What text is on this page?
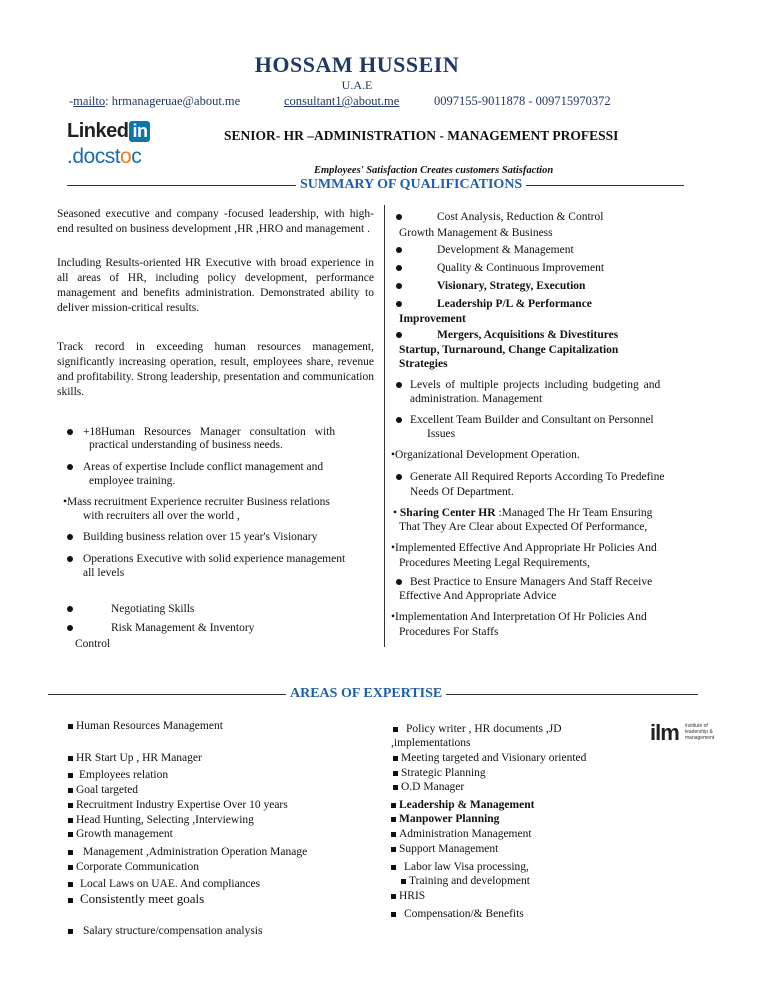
HOSSAM HUSSEIN
U.A.E
-mailto: hrmanageruae@about.me	consultant1@about.me	0097155-9011878 - 009715970372
Linked in
.docstoc
SENIOR- HR –ADMINISTRATION - MANAGEMENT PROFESSI
Employees' Satisfaction Creates customers Satisfaction
SUMMARY OF QUALIFICATIONS
Seasoned executive and company -focused leadership, with high-end resulted on business development ,HR ,HRO and management .
Including Results-oriented HR Executive with broad experience in all areas of HR, including policy development, performance management and benefits administration. Demonstrated ability to deliver mission-critical results.
Track record in exceeding human resources management, significantly increasing operation, result, employees share, revenue and profitability. Strong leadership, presentation and communication skills.
+18Human Resources Manager consultation with
practical understanding of business needs.
Areas of expertise Include conflict management and
employee training.
•Mass recruitment Experience recruiter Business relations
with recruiters all over the world ,
Building business relation over 15 year's Visionary
Operations Executive with solid experience management
all levels
Negotiating Skills
Risk Management & Inventory
Control
Cost Analysis, Reduction & Control
Growth Management & Business
Development & Management
Quality & Continuous Improvement
Visionary, Strategy, Execution
Leadership P/L & Performance
Improvement
Mergers, Acquisitions & Divestitures
Startup, Turnaround, Change Capitalization
Strategies
Levels of multiple projects including budgeting and
administration. Management
Excellent Team Builder and Consultant on Personnel
Issues
•Organizational Development Operation.
Generate All Required Reports According To Predefine
Needs Of Department.
• Sharing Center HR :Managed The Hr Team Ensuring
That They Are Clear about Expected Of Performance,
•Implemented Effective And Appropriate Hr Policies And
Procedures Meeting Legal Requirements,
Best Practice to Ensure Managers And Staff Receive
Effective And Appropriate Advice
•Implementation And Interpretation Of Hr Policies And
Procedures For Staffs
AREAS OF EXPERTISE
ilm institute of leadership & management
Human Resources Management
HR Start Up , HR Manager
Employees relation
Goal targeted
Recruitment Industry Expertise Over 10 years
Head Hunting, Selecting ,Interviewing
Growth management
Management ,Administration Operation Manage
Corporate Communication
Local Laws on UAE. And compliances
Consistently meet goals
Salary structure/compensation analysis
Policy writer , HR documents ,JD
,implementations
Meeting targeted and Visionary oriented
Strategic Planning
O.D Manager
Leadership & Management
Manpower Planning
Administration Management
Support Management
Labor law Visa processing,
Training and development
HRIS
Compensation/& Benefits
